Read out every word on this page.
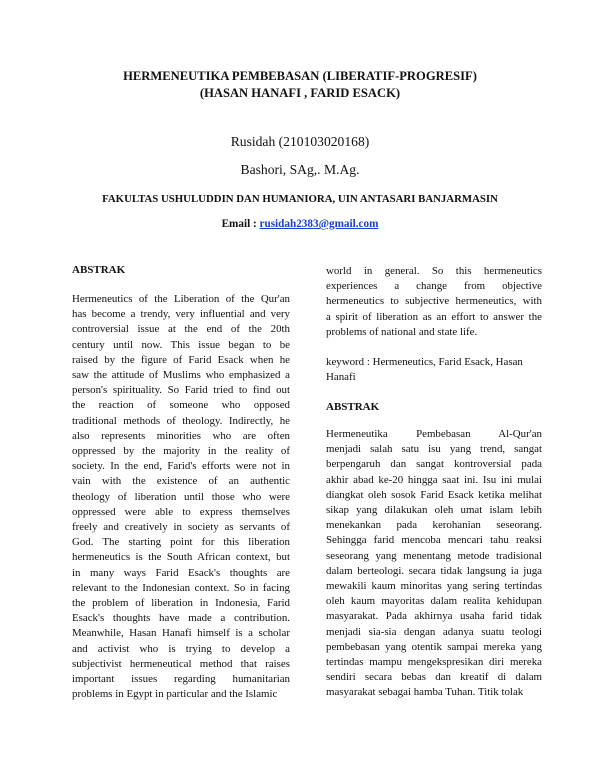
HERMENEUTIKA PEMBEBASAN (LIBERATIF-PROGRESIF)
(HASAN HANAFI , FARID ESACK)
Rusidah (210103020168)
Bashori, SAg,. M.Ag.
FAKULTAS USHULUDDIN DAN HUMANIORA, UIN ANTASARI BANJARMASIN
Email : rusidah2383@gmail.com
ABSTRAK
Hermeneutics of the Liberation of the Qur'an
has become a trendy, very influential and very
controversial issue at the end of the 20th
century until now. This issue began to be
raised by the figure of Farid Esack when he
saw the attitude of Muslims who emphasized a
person's spirituality. So Farid tried to find out
the reaction of someone who opposed
traditional methods of theology. Indirectly, he
also represents minorities who are often
oppressed by the majority in the reality of
society. In the end, Farid's efforts were not in
vain with the existence of an authentic
theology of liberation until those who were
oppressed were able to express themselves
freely and creatively in society as servants of
God. The starting point for this liberation
hermeneutics is the South African context, but
in many ways Farid Esack's thoughts are
relevant to the Indonesian context. So in facing
the problem of liberation in Indonesia, Farid
Esack's thoughts have made a contribution.
Meanwhile, Hasan Hanafi himself is a scholar
and activist who is trying to develop a
subjectivist hermeneutical method that raises
important issues regarding humanitarian
problems in Egypt in particular and the Islamic
world in general. So this hermeneutics
experiences a change from objective
hermeneutics to subjective hermeneutics, with
a spirit of liberation as an effort to answer the
problems of national and state life.
keyword : Hermeneutics, Farid Esack, Hasan
Hanafi
ABSTRAK
Hermeneutika Pembebasan Al-Qur'an
menjadi salah satu isu yang trend, sangat
berpengaruh dan sangat kontroversial pada
akhir abad ke-20 hingga saat ini. Isu ini mulai
diangkat oleh sosok Farid Esack ketika melihat
sikap yang dilakukan oleh umat islam lebih
menekankan pada kerohanian seseorang.
Sehingga farid mencoba mencari tahu reaksi
seseorang yang menentang metode tradisional
dalam berteologi. secara tidak langsung ia juga
mewakili kaum minoritas yang sering tertindas
oleh kaum mayoritas dalam realita kehidupan
masyarakat. Pada akhirnya usaha farid tidak
menjadi sia-sia dengan adanya suatu teologi
pembebasan yang otentik sampai mereka yang
tertindas mampu mengekspresikan diri mereka
sendiri secara bebas dan kreatif di dalam
masyarakat sebagai hamba Tuhan. Titik tolak
